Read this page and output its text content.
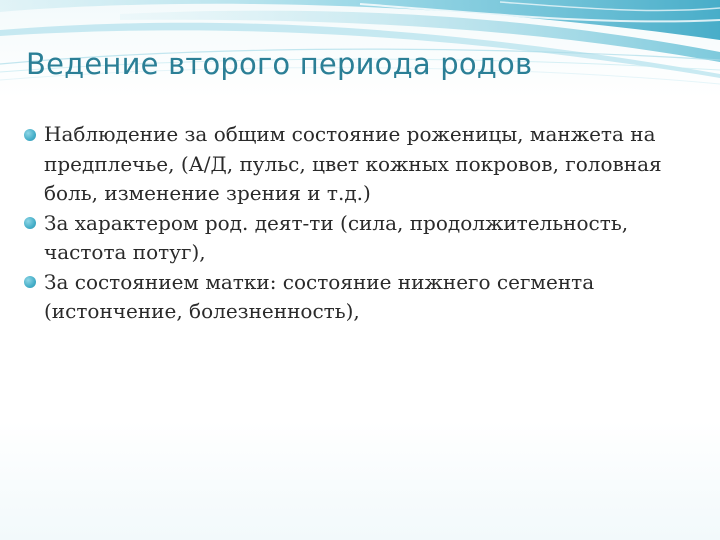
Ведение второго периода родов
Наблюдение за общим состояние роженицы, манжета на предплечье, (А/Д, пульс, цвет кожных покровов, головная боль, изменение зрения и т.д.)
За характером род. деят-ти (сила, продолжительность, частота потуг),
За состоянием матки: состояние нижнего сегмента (истончение, болезненность),
